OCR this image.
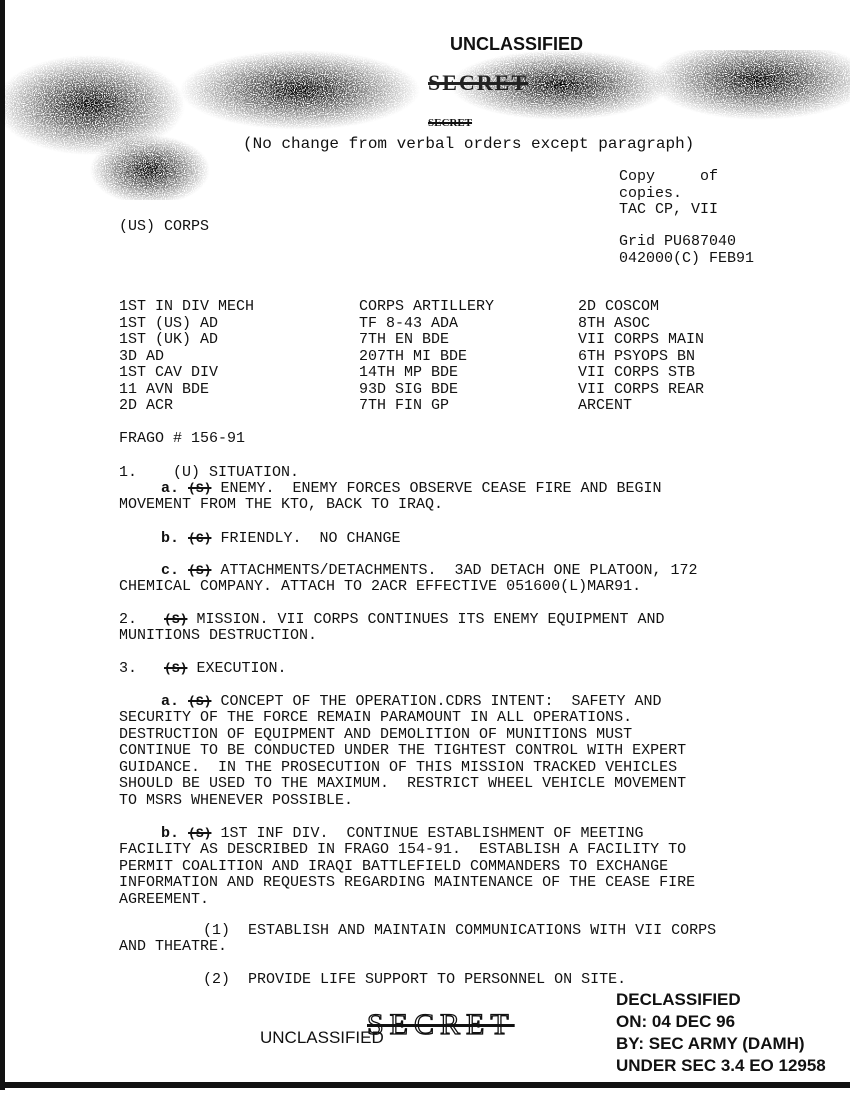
UNCLASSIFIED
SECRET
SECRET
(No change from verbal orders except paragraph)
Copy     of
copies.
TAC CP, VII
Grid PU687040
042000(C) FEB91
(US) CORPS
1ST IN DIV MECH
1ST (US) AD
1ST (UK) AD
3D AD
1ST CAV DIV
11 AVN BDE
2D ACR
CORPS ARTILLERY
TF 8-43 ADA
7TH EN BDE
207TH MI BDE
14TH MP BDE
93D SIG BDE
7TH FIN GP
2D COSCOM
8TH ASOC
VII CORPS MAIN
6TH PSYOPS BN
VII CORPS STB
VII CORPS REAR
ARCENT
FRAGO # 156-91
1. (U) SITUATION.
a. (S) ENEMY.  ENEMY FORCES OBSERVE CEASE FIRE AND BEGIN
MOVEMENT FROM THE KTO, BACK TO IRAQ.
b. (C) FRIENDLY.  NO CHANGE
c. (S) ATTACHMENTS/DETACHMENTS.  3AD DETACH ONE PLATOON, 172
CHEMICAL COMPANY. ATTACH TO 2ACR EFFECTIVE 051600(L)MAR91.
2. (S) MISSION. VII CORPS CONTINUES ITS ENEMY EQUIPMENT AND
MUNITIONS DESTRUCTION.
3. (S) EXECUTION.
a. (S) CONCEPT OF THE OPERATION.CDRS INTENT:  SAFETY AND
SECURITY OF THE FORCE REMAIN PARAMOUNT IN ALL OPERATIONS.
DESTRUCTION OF EQUIPMENT AND DEMOLITION OF MUNITIONS MUST
CONTINUE TO BE CONDUCTED UNDER THE TIGHTEST CONTROL WITH EXPERT
GUIDANCE.  IN THE PROSECUTION OF THIS MISSION TRACKED VEHICLES
SHOULD BE USED TO THE MAXIMUM.  RESTRICT WHEEL VEHICLE MOVEMENT
TO MSRS WHENEVER POSSIBLE.
b. (S) 1ST INF DIV.  CONTINUE ESTABLISHMENT OF MEETING
FACILITY AS DESCRIBED IN FRAGO 154-91.  ESTABLISH A FACILITY TO
PERMIT COALITION AND IRAQI BATTLEFIELD COMMANDERS TO EXCHANGE
INFORMATION AND REQUESTS REGARDING MAINTENANCE OF THE CEASE FIRE
AGREEMENT.
(1) ESTABLISH AND MAINTAIN COMMUNICATIONS WITH VII CORPS
AND THEATRE.
(2) PROVIDE LIFE SUPPORT TO PERSONNEL ON SITE.
UNCLASSIFIED
SECRET
DECLASSIFIED
ON: 04 DEC 96
BY: SEC ARMY (DAMH)
UNDER SEC 3.4 EO 12958
